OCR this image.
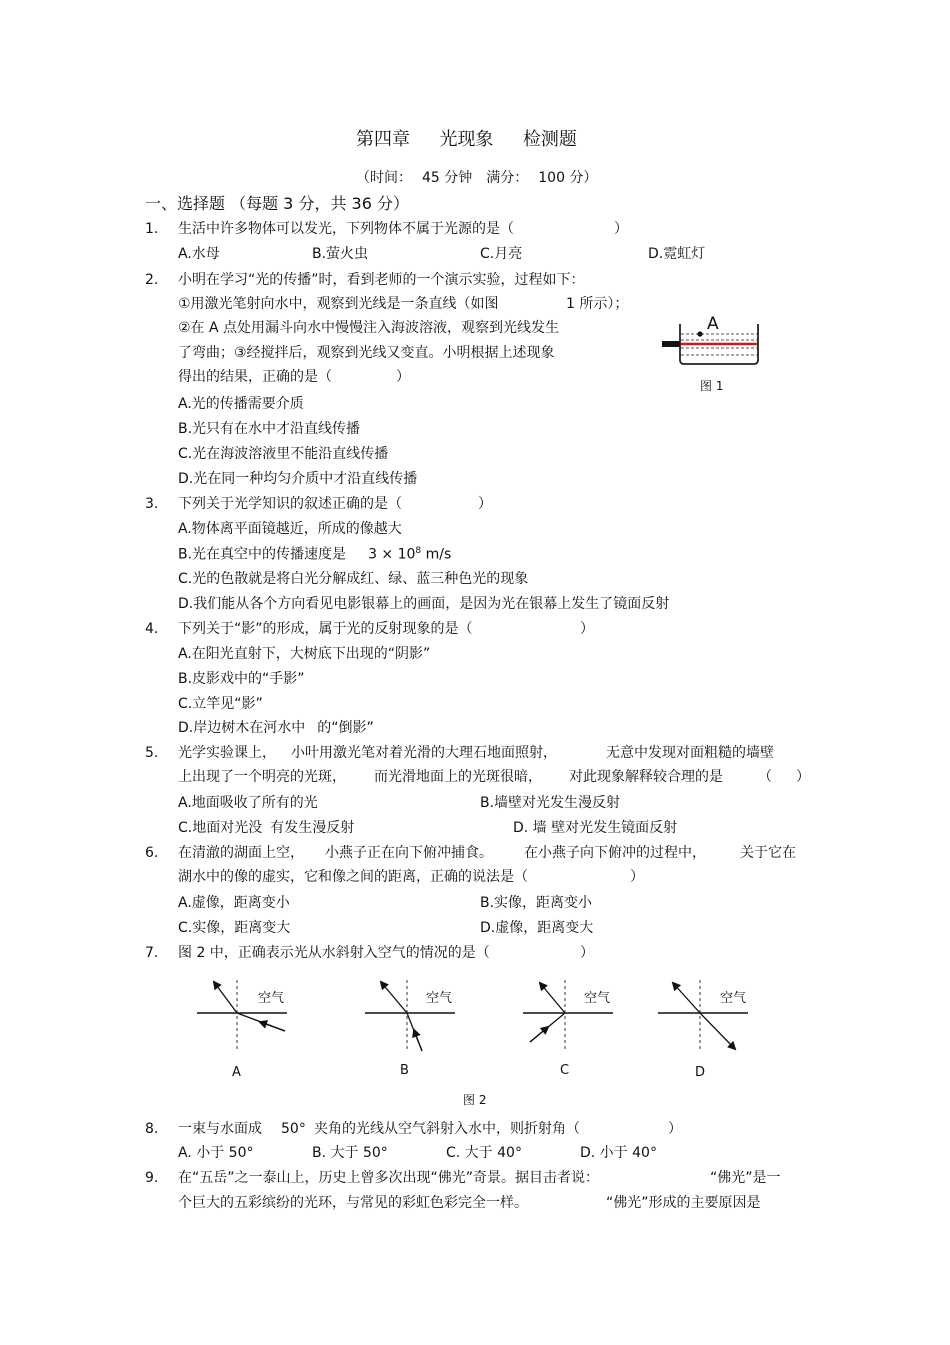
第四章 光现象 检测题
（时间： 45 分钟 满分： 100 分）
一、选择题 （每题 3 分，共 36 分）
1. 生活中许多物体可以发光，下列物体不属于光源的是（	）
A.水母	B.萤火虫	C.月亮	D.霓虹灯
2. 小明在学习“光的传播”时，看到老师的一个演示实验，过程如下：
①用激光笔射向水中，观察到光线是一条直线（如图	1 所示）；
②在 A 点处用漏斗向水中慢慢注入海波溶液，观察到光线发生
了弯曲；③经搅拌后，观察到光线又变直。小明根据上述现象
得出的结果，正确的是（	）
A.光的传播需要介质
B.光只有在水中才沿直线传播
C.光在海波溶液里不能沿直线传播
D.光在同一种均匀介质中才沿直线传播
A
图 1
3. 下列关于光学知识的叙述正确的是（	）
A.物体离平面镜越近，所成的像越大
B.光在真空中的传播速度是 $3 \times 10^8$ m/s
C.光的色散就是将白光分解成红、绿、蓝三种色光的现象
D.我们能从各个方向看见电影银幕上的画面，是因为光在银幕上发生了镜面反射
4. 下列关于“影”的形成，属于光的反射现象的是（	）
A.在阳光直射下，大树底下出现的“阴影”
B.皮影戏中的“手影”
C.立竿见“影”
D.岸边树木在河水中 的“倒影”
5. 光学实验课上， 小叶用激光笔对着光滑的大理石地面照射，	无意中发现对面粗糙的墙壁
上出现了一个明亮的光斑， 而光滑地面上的光斑很暗， 对此现象解释较合理的是	（ ）
A.地面吸收了所有的光	B.墙壁对光发生漫反射
C.地面对光没 有发生漫反射	D. 墙 壁对光发生镜面反射
6. 在清澈的湖面上空， 小燕子正在向下俯冲捕食。 在小燕子向下俯冲的过程中， 关于它在
湖水中的像的虚实，它和像之间的距离，正确的说法是（	）
A.虚像，距离变小	B.实像，距离变小
C.实像，距离变大	D.虚像，距离变大
7. 图 2 中，正确表示光从水斜射入空气的情况的是（	）
空气	空气	空气	空气
A	B	C	D
图 2
8. 一束与水面成 50° 夹角的光线从空气斜射入水中，则折射角（	）
A. 小于 50°	B. 大于 50°	C. 大于 40°	D. 小于 40°
9. 在“五岳”之一泰山上，历史上曾多次出现“佛光”奇景。据目击者说：	“佛光”是一
个巨大的五彩缤纷的光环，与常见的彩虹色彩完全一样。	“佛光”形成的主要原因是
